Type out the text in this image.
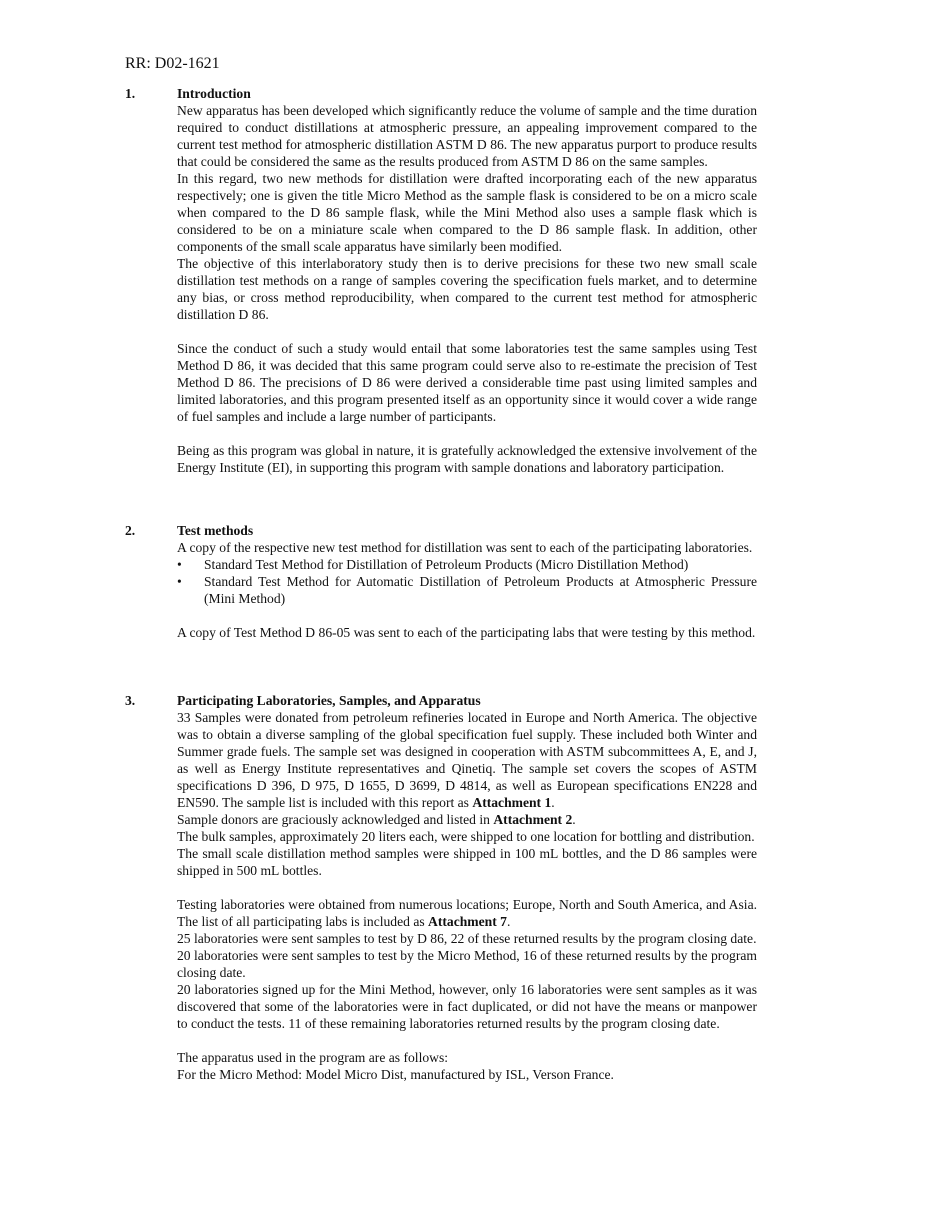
RR: D02-1621
1.	Introduction

New apparatus has been developed which significantly reduce the volume of sample and the time duration required to conduct distillations at atmospheric pressure, an appealing improvement compared to the current test method for atmospheric distillation ASTM D 86. The new apparatus purport to produce results that could be considered the same as the results produced from ASTM D 86 on the same samples.

In this regard, two new methods for distillation were drafted incorporating each of the new apparatus respectively; one is given the title Micro Method as the sample flask is considered to be on a micro scale when compared to the D 86 sample flask, while the Mini Method also uses a sample flask which is considered to be on a miniature scale when compared to the D 86 sample flask. In addition, other components of the small scale apparatus have similarly been modified.

The objective of this interlaboratory study then is to derive precisions for these two new small scale distillation test methods on a range of samples covering the specification fuels market, and to determine any bias, or cross method reproducibility, when compared to the current test method for atmospheric distillation D 86.

Since the conduct of such a study would entail that some laboratories test the same samples using Test Method D 86, it was decided that this same program could serve also to re-estimate the precision of Test Method D 86. The precisions of D 86 were derived a considerable time past using limited samples and limited laboratories, and this program presented itself as an opportunity since it would cover a wide range of fuel samples and include a large number of participants.

Being as this program was global in nature, it is gratefully acknowledged the extensive involvement of the Energy Institute (EI), in supporting this program with sample donations and laboratory participation.

2.	Test methods

A copy of the respective new test method for distillation was sent to each of the participating laboratories.

• Standard Test Method for Distillation of Petroleum Products (Micro Distillation Method)
• Standard Test Method for Automatic Distillation of Petroleum Products at Atmospheric Pressure (Mini Method)

A copy of Test Method D 86-05 was sent to each of the participating labs that were testing by this method.

3.	Participating Laboratories, Samples, and Apparatus

33 Samples were donated from petroleum refineries located in Europe and North America. The objective was to obtain a diverse sampling of the global specification fuel supply. These included both Winter and Summer grade fuels. The sample set was designed in cooperation with ASTM subcommittees A, E, and J, as well as Energy Institute representatives and Qinetiq. The sample set covers the scopes of ASTM specifications D 396, D 975, D 1655, D 3699, D 4814, as well as European specifications EN228 and EN590. The sample list is included with this report as Attachment 1.

Sample donors are graciously acknowledged and listed in Attachment 2.

The bulk samples, approximately 20 liters each, were shipped to one location for bottling and distribution.

The small scale distillation method samples were shipped in 100 mL bottles, and the D 86 samples were shipped in 500 mL bottles.

Testing laboratories were obtained from numerous locations; Europe, North and South America, and Asia. The list of all participating labs is included as Attachment 7.

25 laboratories were sent samples to test by D 86, 22 of these returned results by the program closing date.

20 laboratories were sent samples to test by the Micro Method, 16 of these returned results by the program closing date.

20 laboratories signed up for the Mini Method, however, only 16 laboratories were sent samples as it was discovered that some of the laboratories were in fact duplicated, or did not have the means or manpower to conduct the tests. 11 of these remaining laboratories returned results by the program closing date.

The apparatus used in the program are as follows:

For the Micro Method: Model Micro Dist, manufactured by ISL, Verson France.
